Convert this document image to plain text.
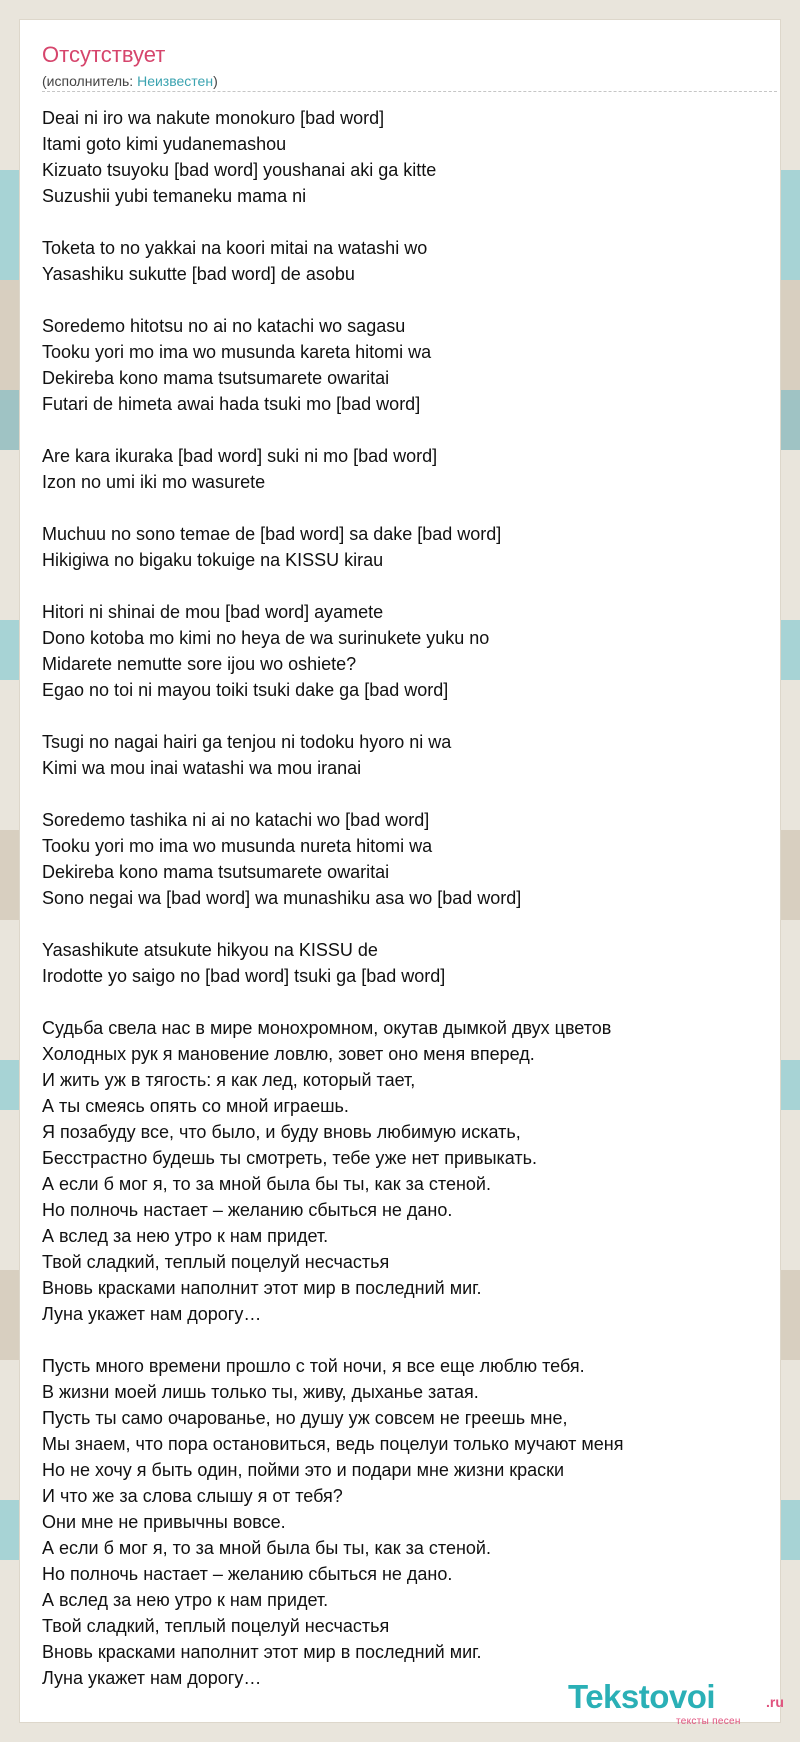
Отсутствует
(исполнитель: Неизвестен)
Deai ni iro wa nakute monokuro [bad word]
Itami goto kimi yudanemashou
Kizuato tsuyoku [bad word] youshanai aki ga kitte
Suzushii yubi temaneku mama ni
Toketa to no yakkai na koori mitai na watashi wo
Yasashiku sukutte [bad word] de asobu
Soredemo hitotsu no ai no katachi wo sagasu
Tooku yori mo ima wo musunda kareta hitomi wa
Dekireba kono mama tsutsumarete owaritai
Futari de himeta awai hada tsuki mo [bad word]
Are kara ikuraka [bad word] suki ni mo [bad word]
Izon no umi iki mo wasurete
Muchuu no sono temae de [bad word] sa dake [bad word]
Hikigiwa no bigaku tokuige na KISSU kirau
Hitori ni shinai de mou [bad word] ayamete
Dono kotoba mo kimi no heya de wa surinukete yuku no
Midarete nemutte sore ijou wo oshiete?
Egao no toi ni mayou toiki tsuki dake ga [bad word]
Tsugi no nagai hairi ga tenjou ni todoku hyoro ni wa
Kimi wa mou inai watashi wa mou iranai
Soredemo tashika ni ai no katachi wo [bad word]
Tooku yori mo ima wo musunda nureta hitomi wa
Dekireba kono mama tsutsumarete owaritai
Sono negai wa [bad word] wa munashiku asa wo [bad word]
Yasashikute atsukute hikyou na KISSU de
Irodotte yo saigo no [bad word] tsuki ga [bad word]
Судьба свела нас в мире монохромном, окутав дымкой двух цветов
Холодных рук я мановение ловлю, зовет оно меня вперед.
И жить уж в тягость: я как лед, который тает,
А ты смеясь опять со мной играешь.
Я позабуду все, что было, и буду вновь любимую искать,
Бесстрастно будешь ты смотреть, тебе уже нет привыкать.
А если б мог я, то за мной была бы ты, как за стеной.
Но полночь настает – желанию сбыться не дано.
А вслед за нею утро к нам придет.
Твой сладкий, теплый поцелуй несчастья
Вновь красками наполнит этот мир в последний миг.
Луна укажет нам дорогу…
Пусть много времени прошло с той ночи, я все еще люблю тебя.
В жизни моей лишь только ты, живу, дыханье затая.
Пусть ты само очарованье, но душу уж совсем не греешь мне,
Мы знаем, что пора остановиться, ведь поцелуи только мучают меня
Но не хочу я быть один, пойми это и подари мне жизни краски
И что же за слова слышу я от тебя?
Они мне не привычны вовсе.
А если б мог я, то за мной была бы ты, как за стеной.
Но полночь настает – желанию сбыться не дано.
А вслед за нею утро к нам придет.
Твой сладкий, теплый поцелуй несчастья
Вновь красками наполнит этот мир в последний миг.
Луна укажет нам дорогу…	Tekstovoi	.ru
тексты песен
